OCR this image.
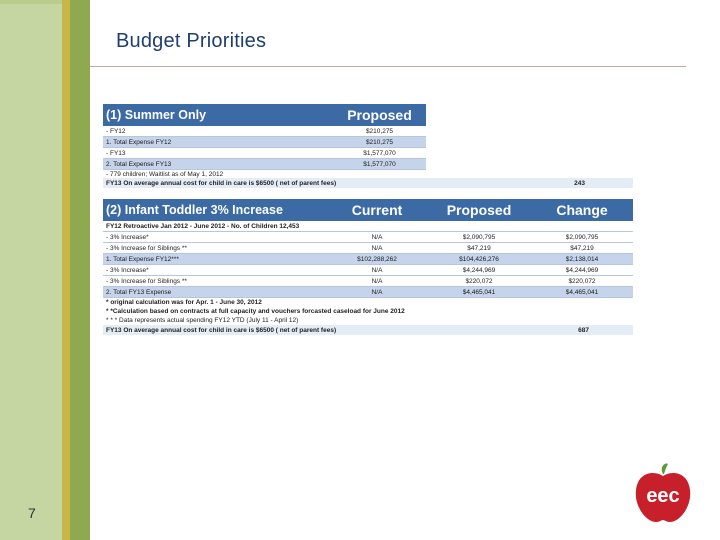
Budget Priorities
(1) Summer Only	Proposed
- FY12	$210,275
1. Total Expense FY12	$210,275
- FY13	$1,577,070
2. Total Expense FY13	$1,577,070
- 779 children; Waitlist as of May 1, 2012	
FY13 On average annual cost for child in care is $6500 ( net of parent fees)	243
(2) Infant Toddler 3% Increase	Current	Proposed	Change
FY12 Retroactive Jan 2012 - June 2012 - No. of Children 12,453			
- 3% Increase*	N/A	$2,090,795	$2,090,795
- 3% Increase for Siblings **	N/A	$47,219	$47,219
1. Total Expense FY12***	$102,288,262	$104,426,276	$2,138,014
- 3% Increase*	N/A	$4,244,969	$4,244,969
- 3% Increase for Siblings **	N/A	$220,072	$220,072
2. Total FY13 Expense	N/A	$4,465,041	$4,465,041
* original calculation was for Apr. 1 - June 30, 2012			
* *Calculation based on contracts at full capacity and vouchers forcasted caseload for June 2012			
* * * Data represents actual spending FY12 YTD (July 11 - April 12)			
FY13 On average annual cost for child in care is $6500 ( net of parent fees)			687
7
eec
